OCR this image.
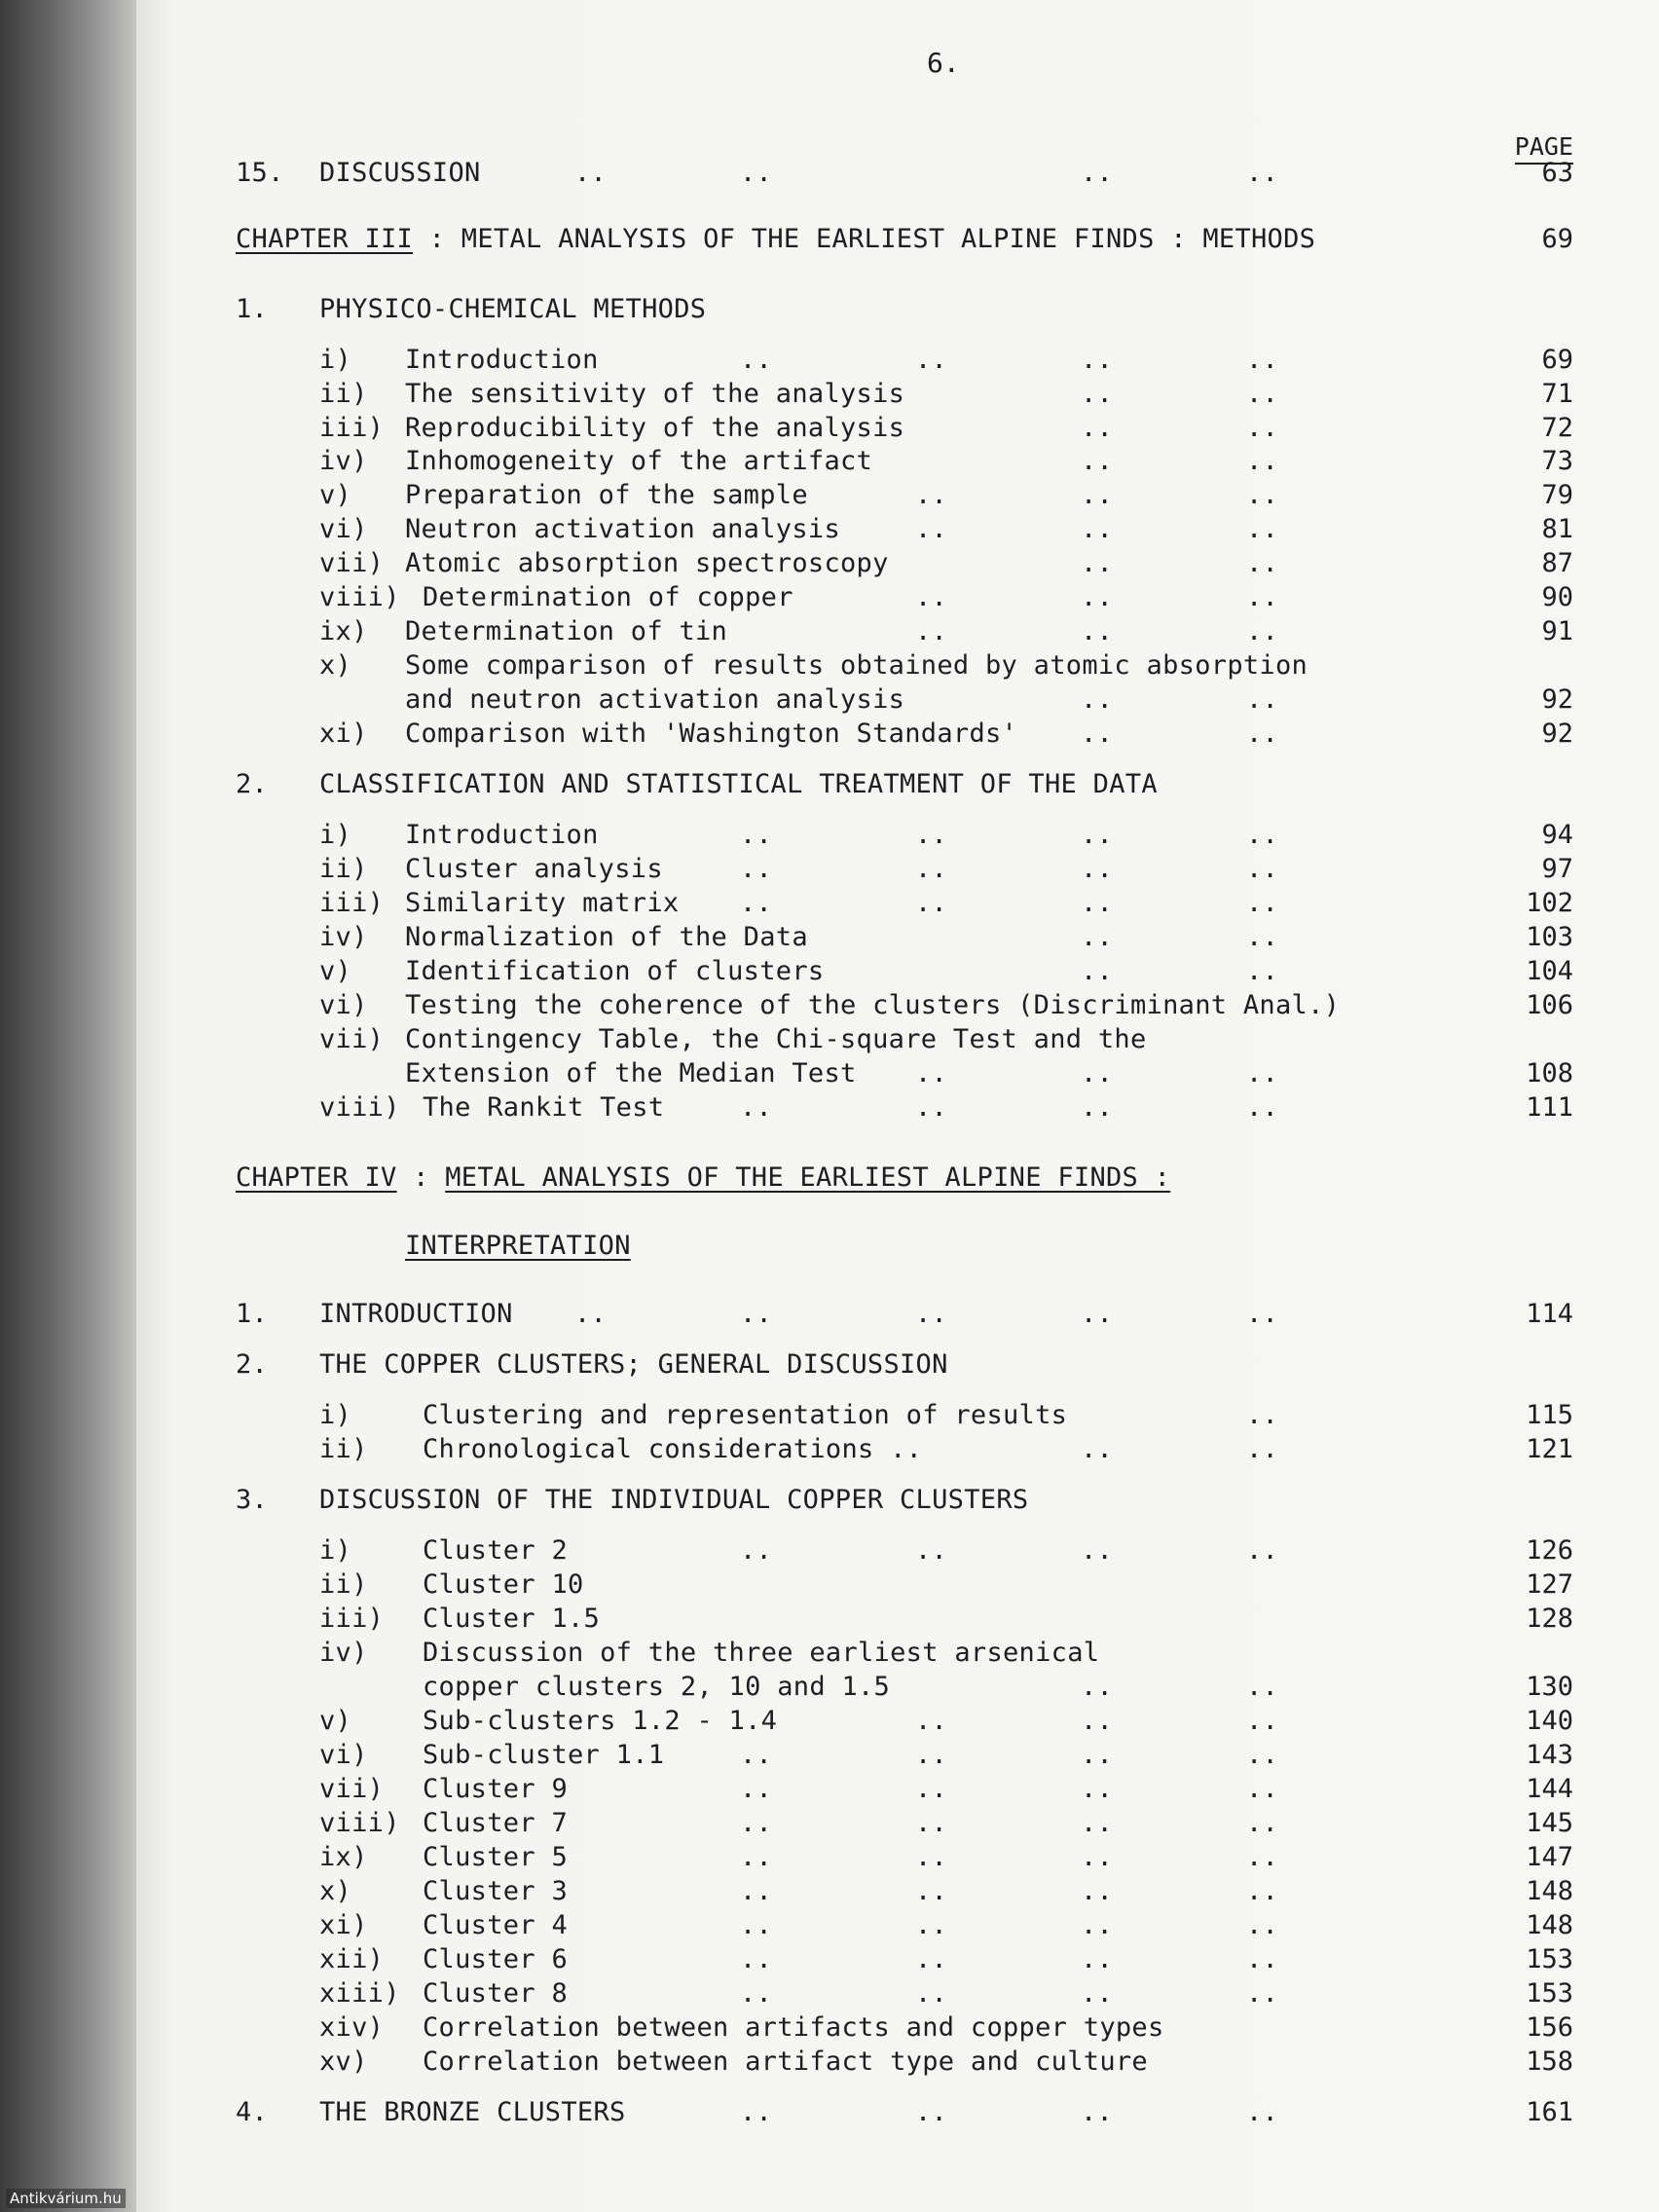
6.
PAGE
15. DISCUSSION	..	..	..	..	63
CHAPTER III : METAL ANALYSIS OF THE EARLIEST ALPINE FINDS : METHODS	69
1. PHYSICO-CHEMICAL METHODS
i) Introduction	..	..	..	..	69
ii) The sensitivity of the analysis	..	..	71
iii) Reproducibility of the analysis	..	..	72
iv) Inhomogeneity of the artifact	..	..	73
v) Preparation of the sample	..	..	..	79
vi) Neutron activation analysis	..	..	..	81
vii) Atomic absorption spectroscopy	..	..	87
viii) Determination of copper	..	..	..	90
ix) Determination of tin	..	..	..	91
x) Some comparison of results obtained by atomic absorption
and neutron activation analysis	..	..	92
xi) Comparison with 'Washington Standards' ..	..	92
2. CLASSIFICATION AND STATISTICAL TREATMENT OF THE DATA
i) Introduction	..	..	..	..	94
ii) Cluster analysis	..	..	..	..	97
iii) Similarity matrix ..	..	..	..	102
iv) Normalization of the Data	..	..	103
v) Identification of clusters	..	..	104
vi) Testing the coherence of the clusters (Discriminant Anal.)	106
vii) Contingency Table, the Chi-square Test and the
Extension of the Median Test ..	..	..	108
viii) The Rankit Test	..	..	..	..	111
CHAPTER IV : METAL ANALYSIS OF THE EARLIEST ALPINE FINDS :
INTERPRETATION
1. INTRODUCTION ..	..	..	..	..	114
2. THE COPPER CLUSTERS; GENERAL DISCUSSION
i)	Clustering and representation of results	..	115
ii) Chronological considerations ..	..	..	121
3. DISCUSSION OF THE INDIVIDUAL COPPER CLUSTERS
i)	Cluster 2	..	..	..	..	126
ii) Cluster 10	127
iii) Cluster 1.5	128
iv) Discussion of the three earliest arsenical
copper clusters 2, 10 and 1.5	..	..	130
v)	Sub-clusters 1.2 - 1.4	..	..	..	140
vi) Sub-cluster 1.1	..	..	..	..	143
vii) Cluster 9	..	..	..	..	144
viii) Cluster 7	..	..	..	..	145
ix) Cluster 5	..	..	..	..	147
x)	Cluster 3	..	..	..	..	148
xi) Cluster 4	..	..	..	..	148
xii) Cluster 6	..	..	..	..	153
xiii) Cluster 8	..	..	..	..	153
xiv) Correlation between artifacts and copper types	156
xv) Correlation between artifact type and culture	158
4. THE BRONZE CLUSTERS	..	..	..	..	161
Antikvárium.hu
